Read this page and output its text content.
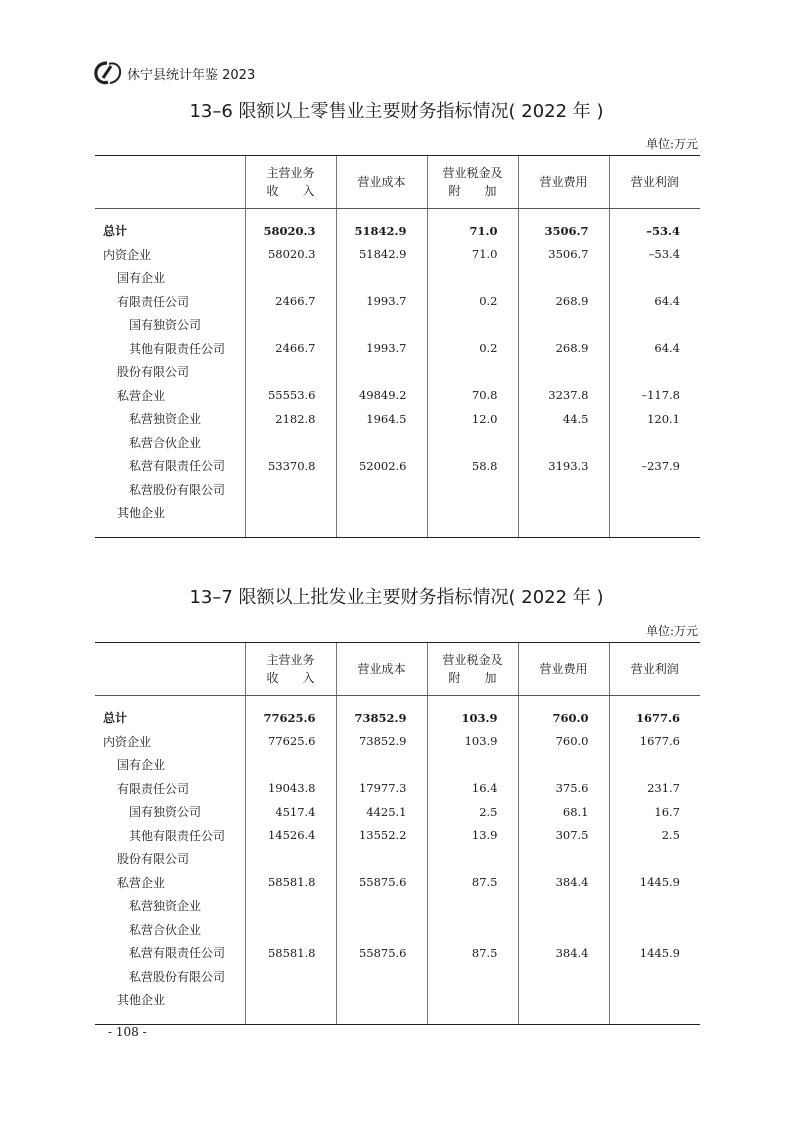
休宁县统计年鉴 2023
13–6 限额以上零售业主要财务指标情况( 2022 年 )
单位:万元

	主营业务
收　　入	营业成本	营业税金及
附　　加	营业费用	营业利润

总计	58020.3	51842.9	71.0	3506.7	–53.4
内资企业	58020.3	51842.9	71.0	3506.7	–53.4
国有企业					
有限责任公司	2466.7	1993.7	0.2	268.9	64.4
国有独资公司					
其他有限责任公司	2466.7	1993.7	0.2	268.9	64.4
股份有限公司					
私营企业	55553.6	49849.2	70.8	3237.8	–117.8
私营独资企业	2182.8	1964.5	12.0	44.5	120.1
私营合伙企业					
私营有限责任公司	53370.8	52002.6	58.8	3193.3	–237.9
私营股份有限公司					
其他企业					

13–7 限额以上批发业主要财务指标情况( 2022 年 )
单位:万元

	主营业务
收　　入	营业成本	营业税金及
附　　加	营业费用	营业利润

总计	77625.6	73852.9	103.9	760.0	1677.6
内资企业	77625.6	73852.9	103.9	760.0	1677.6
国有企业					
有限责任公司	19043.8	17977.3	16.4	375.6	231.7
国有独资公司	4517.4	4425.1	2.5	68.1	16.7
其他有限责任公司	14526.4	13552.2	13.9	307.5	2.5
股份有限公司					
私营企业	58581.8	55875.6	87.5	384.4	1445.9
私营独资企业					
私营合伙企业					
私营有限责任公司	58581.8	55875.6	87.5	384.4	1445.9
私营股份有限公司					
其他企业					

- 108 -
